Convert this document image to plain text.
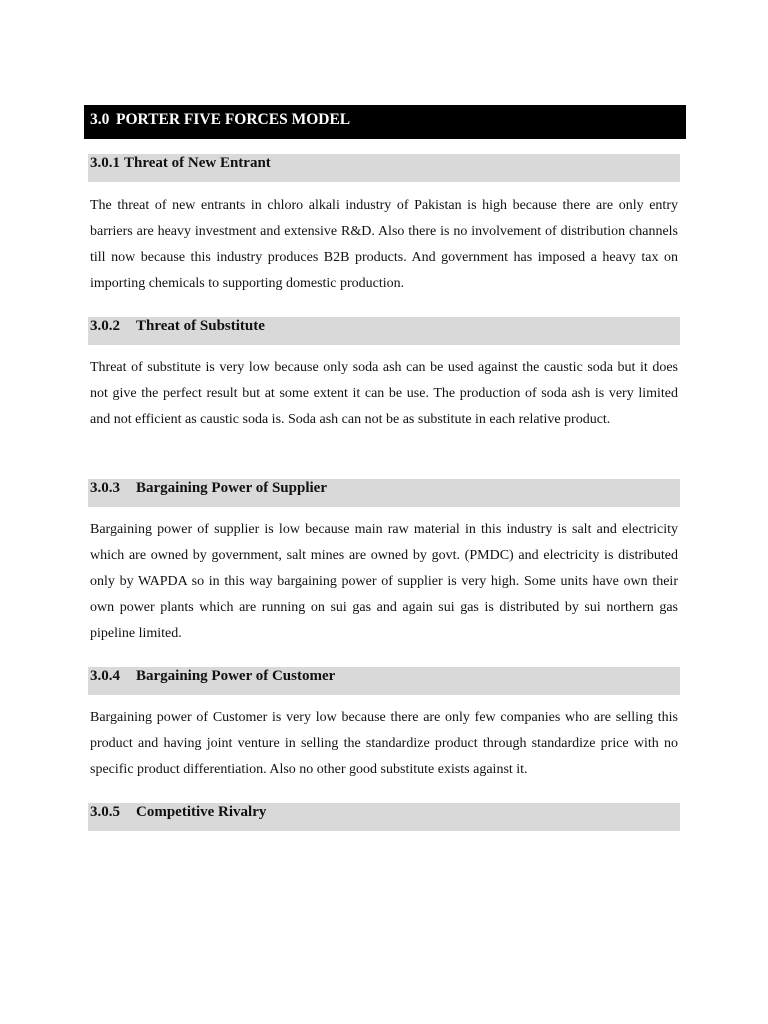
3.0 PORTER FIVE FORCES MODEL
3.0.1 Threat of New Entrant

The threat of new entrants in chloro alkali industry of Pakistan is high because there are only entry barriers are heavy investment and extensive R&D. Also there is no involvement of distribution channels till now because this industry produces B2B products. And government has imposed a heavy tax on importing chemicals to supporting domestic production.

3.0.2 Threat of Substitute

Threat of substitute is very low because only soda ash can be used against the caustic soda but it does not give the perfect result but at some extent it can be use. The production of soda ash is very limited and not efficient as caustic soda is. Soda ash can not be as substitute in each relative product.

3.0.3 Bargaining Power of Supplier

Bargaining power of supplier is low because main raw material in this industry is salt and electricity which are owned by government, salt mines are owned by govt. (PMDC) and electricity is distributed only by WAPDA so in this way bargaining power of supplier is very high. Some units have own their own power plants which are running on sui gas and again sui gas is distributed by sui northern gas pipeline limited.

3.0.4 Bargaining Power of Customer

Bargaining power of Customer is very low because there are only few companies who are selling this product and having joint venture in selling the standardize product through standardize price with no specific product differentiation. Also no other good substitute exists against it.

3.0.5 Competitive Rivalry
